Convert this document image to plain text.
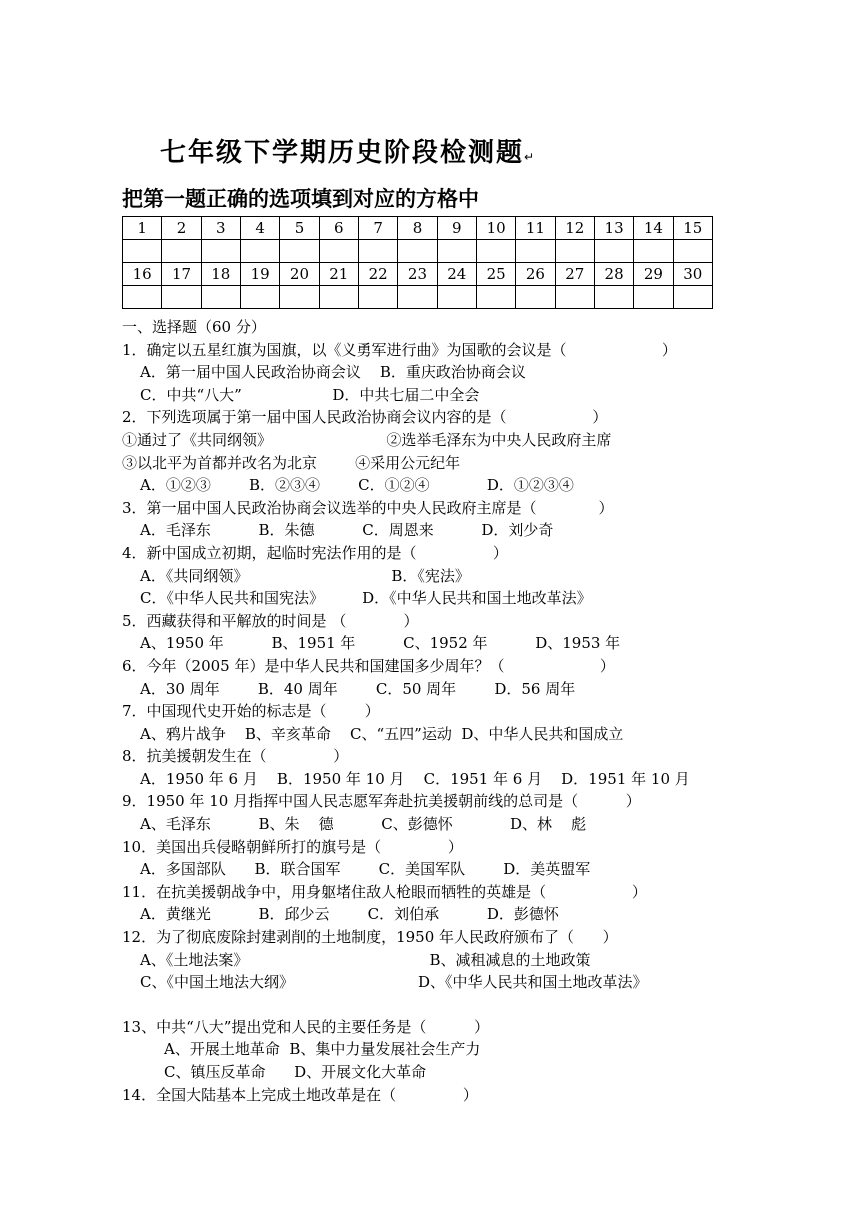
七年级下学期历史阶段检测题↵
把第一题正确的选项填到对应的方格中
1	2	3	4	5	6	7	8	9	10	11	12	13	14	15

16	17	18	19	20	21	22	23	24	25	26	27	28	29	30

一、选择题（60 分）
1．确定以五星红旗为国旗，以《义勇军进行曲》为国歌的会议是（                    ）
A．第一届中国人民政治协商会议    B．重庆政治协商会议
C．中共“八大”                   D．中共七届二中全会
2．下列选项属于第一届中国人民政治协商会议内容的是（                  ）
①通过了《共同纲领》                        ②选举毛泽东为中央人民政府主席
③以北平为首都并改名为北京        ④采用公元纪年
A．①②③        B．②③④        C．①②④            D．①②③④
3．第一届中国人民政治协商会议选举的中央人民政府主席是（             ）
A．毛泽东          B．朱德          C．周恩来          D．刘少奇
4．新中国成立初期，起临时宪法作用的是（                ）
A．《共同纲领》                              B．《宪法》
C．《中华人民共和国宪法》        D．《中华人民共和国土地改革法》
5．西藏获得和平解放的时间是 （            ）
A、1950 年          B、1951 年          C、1952 年          D、1953 年
6．今年（2005 年）是中华人民共和国建国多少周年？（                    ）
A．30 周年        B．40 周年        C．50 周年        D．56 周年
7．中国现代史开始的标志是（        ）
A、鸦片战争    B、辛亥革命    C、“五四”运动  D、中华人民共和国成立
8．抗美援朝发生在（              ）
A．1950 年 6 月    B．1950 年 10 月    C．1951 年 6 月    D．1951 年 10 月
9．1950 年 10 月指挥中国人民志愿军奔赴抗美援朝前线的总司是（          ）
A、毛泽东          B、朱    德          C、彭德怀            D、林    彪
10．美国出兵侵略朝鲜所打的旗号是（              ）
A．多国部队      B．联合国军        C．美国军队        D．美英盟军
11．在抗美援朝战争中，用身躯堵住敌人枪眼而牺牲的英雄是（                  ）
A．黄继光          B．邱少云        C．刘伯承          D．彭德怀
12．为了彻底废除封建剥削的土地制度，1950 年人民政府颁布了（      ）
A、《土地法案》                                      B、减租减息的土地政策
C、《中国土地法大纲》                          D、《中华人民共和国土地改革法》
13、中共“八大”提出党和人民的主要任务是（          ）
A、开展土地革命  B、集中力量发展社会生产力
C、镇压反革命      D、开展文化大革命
14．全国大陆基本上完成土地改革是在（              ）
